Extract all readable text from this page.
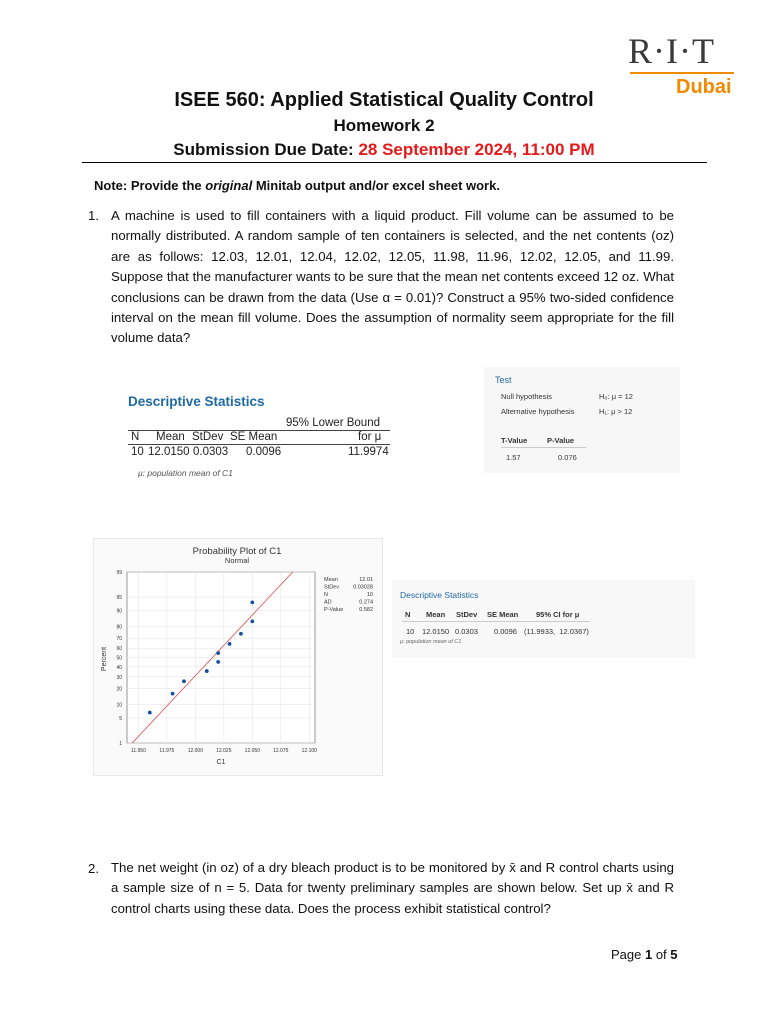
R·I·T
Dubai
ISEE 560: Applied Statistical Quality Control
Homework 2
Submission Due Date: 28 September 2024, 11:00 PM
Note: Provide the original Minitab output and/or excel sheet work.
1. A machine is used to fill containers with a liquid product. Fill volume can be assumed to be normally distributed. A random sample of ten containers is selected, and the net contents (oz) are as follows: 12.03, 12.01, 12.04, 12.02, 12.05, 11.98, 11.96, 12.02, 12.05, and 11.99. Suppose that the manufacturer wants to be sure that the mean net contents exceed 12 oz. What conclusions can be drawn from the data (Use α = 0.01)? Construct a 95% two-sided confidence interval on the mean fill volume. Does the assumption of normality seem appropriate for the fill volume data?
Descriptive Statistics
95% Lower Bound
N Mean StDev SE Mean	for μ
10 12.0150 0.0303 0.0096	11.9974
μ: population mean of C1
Test
Null hypothesis	H₀: μ = 12
Alternative hypothesis	H₁: μ > 12
T-Value	P-Value
1.57	0.076
Probability Plot of C1
Normal
1
5
10
20
30
40
50
60
70
80
90
95
99
11.950	11.975	12.000	12.025	12.050	12.075	12.100
Percent
C1
Mean	12.01
StDev	0.03028
N	10
AD	0.274
P-Value	0.582
Descriptive Statistics
N Mean StDev SE Mean 95% CI for μ
10 12.0150 0.0303 0.0096 (11.9933,  12.0367)
μ: population mean of C1
2. The net weight (in oz) of a dry bleach product is to be monitored by x̄ and R control charts using a sample size of n = 5. Data for twenty preliminary samples are shown below. Set up x̄ and R control charts using these data. Does the process exhibit statistical control?
Page 1 of 5
